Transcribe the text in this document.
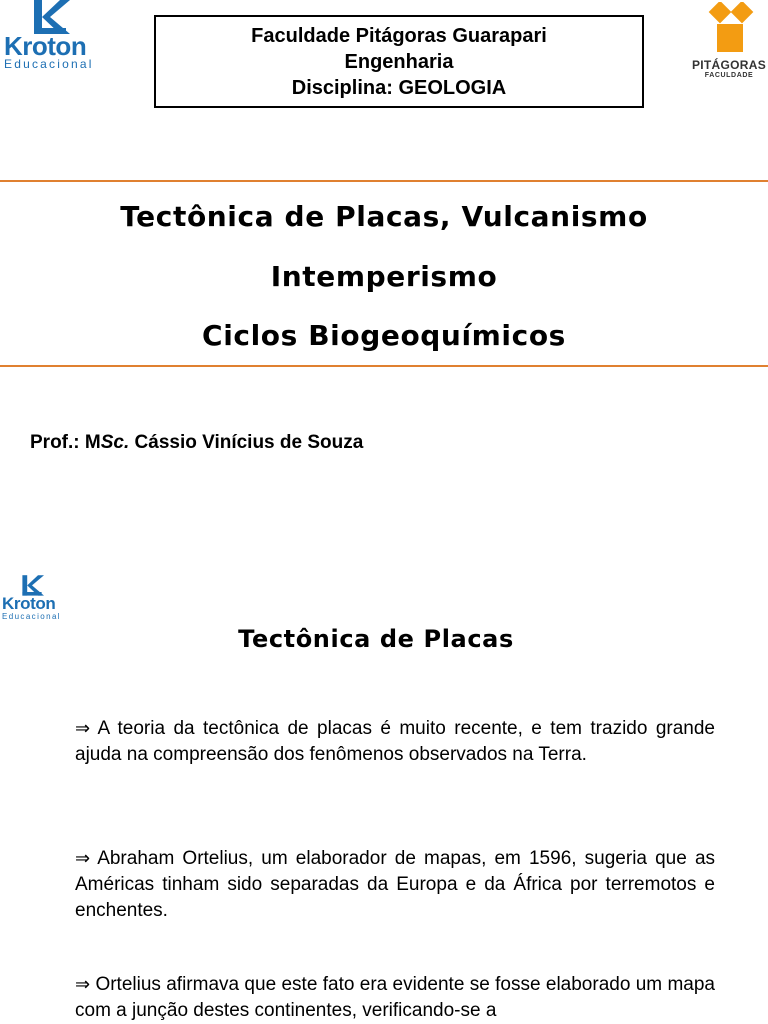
Kroton
Educacional
Faculdade Pitágoras Guarapari
Engenharia
Disciplina: GEOLOGIA
PITÁGORAS
FACULDADE
Tectônica de Placas, Vulcanismo
Intemperismo
Ciclos Biogeoquímicos
Prof.: MSc. Cássio Vinícius de Souza
Kroton
Educacional
Tectônica de Placas
⇒ A teoria da tectônica de placas é muito recente, e tem trazido grande ajuda na compreensão dos fenômenos observados na Terra.
⇒ Abraham Ortelius, um elaborador de mapas, em 1596, sugeria que as Américas tinham sido separadas da Europa e da África por terremotos e enchentes.
⇒ Ortelius afirmava que este fato era evidente se fosse elaborado um mapa com a junção destes continentes, verificando-se a
